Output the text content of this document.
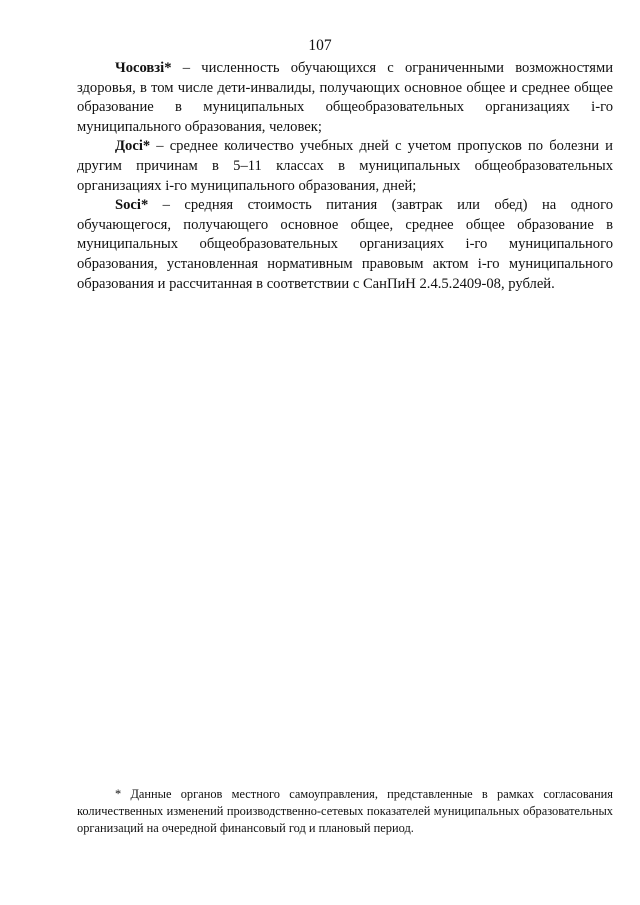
107

Чосовзi* – численность обучающихся с ограниченными возможностями здоровья, в том числе дети-инвалиды, получающих основное общее и среднее общее образование в муниципальных общеобразовательных организациях i-го муниципального образования, человек;

Досi* – среднее количество учебных дней с учетом пропусков по болезни и другим причинам в 5–11 классах в муниципальных общеобразовательных организациях i-го муниципального образования, дней;

Socі* – средняя стоимость питания (завтрак или обед) на одного обучающегося, получающего основное общее, среднее общее образование в муниципальных общеобразовательных организациях i-го муниципального образования, установленная нормативным правовым актом i-го муниципального образования и рассчитанная в соответствии с СанПиН 2.4.5.2409-08, рублей.

* Данные органов местного самоуправления, представленные в рамках согласования количественных изменений производственно-сетевых показателей муниципальных образовательных организаций на очередной финансовый год и плановый период.
